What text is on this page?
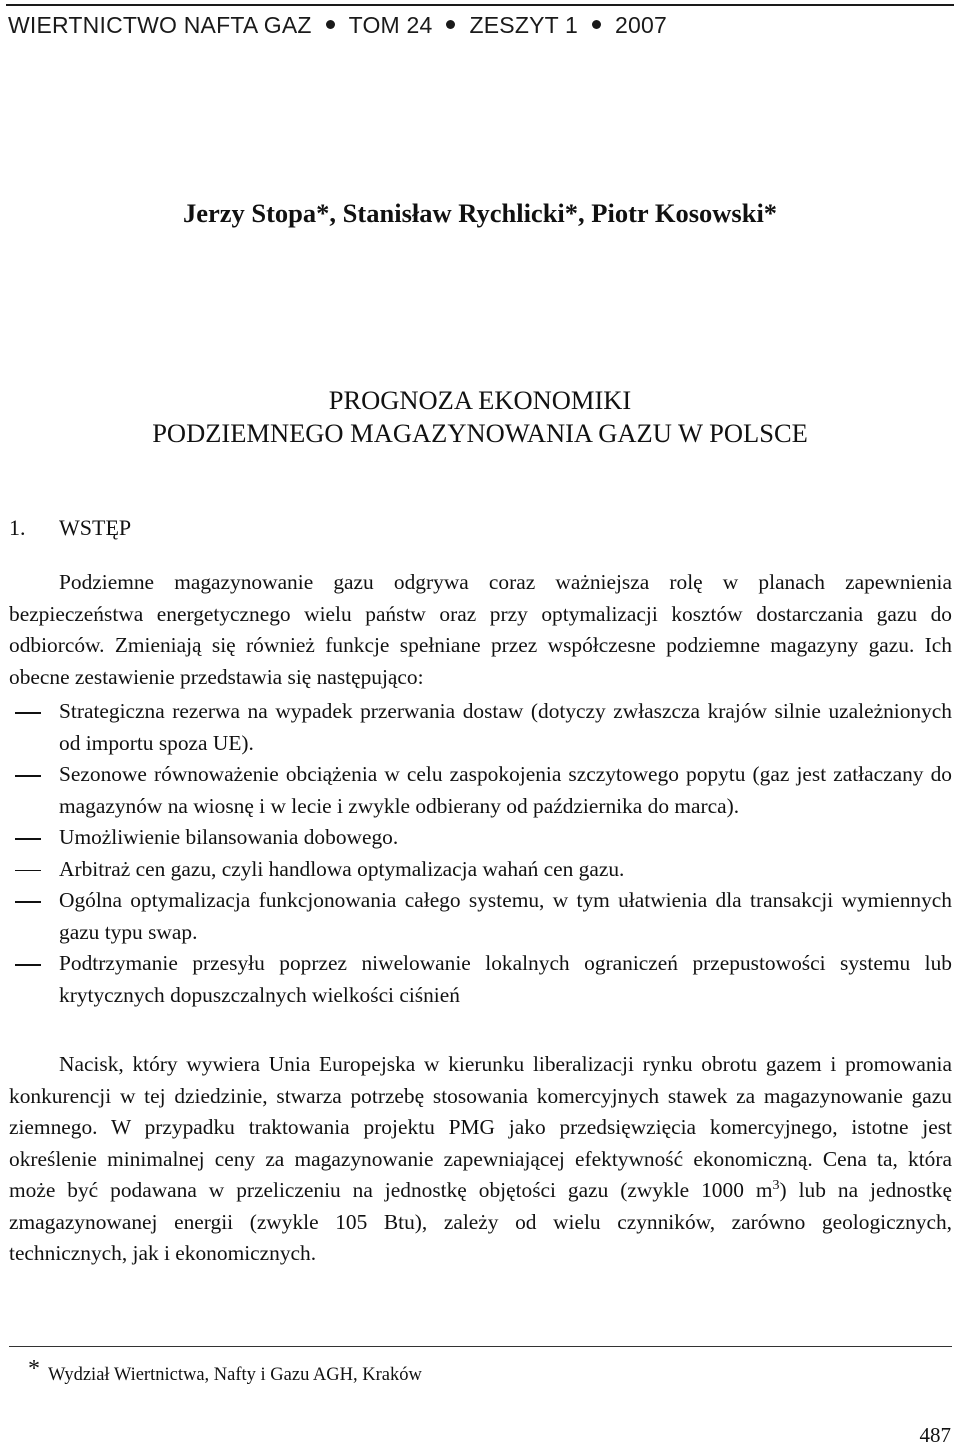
WIERTNICTWO NAFTA GAZ TOM 24 ZESZYT 1 2007
Jerzy Stopa*, Stanisław Rychlicki*, Piotr Kosowski*
PROGNOZA EKONOMIKI
PODZIEMNEGO MAGAZYNOWANIA GAZU W POLSCE
1. WSTĘP

Podziemne magazynowanie gazu odgrywa coraz ważniejsza rolę w planach zapewnienia bezpieczeństwa energetycznego wielu państw oraz przy optymalizacji kosztów dostarczania gazu do odbiorców. Zmieniają się również funkcje spełniane przez współczesne podziemne magazyny gazu. Ich obecne zestawienie przedstawia się następująco:

Strategiczna rezerwa na wypadek przerwania dostaw (dotyczy zwłaszcza krajów silnie uzależnionych od importu spoza UE).
Sezonowe równoważenie obciążenia w celu zaspokojenia szczytowego popytu (gaz jest zatłaczany do magazynów na wiosnę i w lecie i zwykle odbierany od października do marca).
Umożliwienie bilansowania dobowego.
Arbitraż cen gazu, czyli handlowa optymalizacja wahań cen gazu.
Ogólna optymalizacja funkcjonowania całego systemu, w tym ułatwienia dla transakcji wymiennych gazu typu swap.
Podtrzymanie przesyłu poprzez niwelowanie lokalnych ograniczeń przepustowości systemu lub krytycznych dopuszczalnych wielkości ciśnień

Nacisk, który wywiera Unia Europejska w kierunku liberalizacji rynku obrotu gazem i promowania konkurencji w tej dziedzinie, stwarza potrzebę stosowania komercyjnych stawek za magazynowanie gazu ziemnego. W przypadku traktowania projektu PMG jako przedsięwzięcia komercyjnego, istotne jest określenie minimalnej ceny za magazynowanie zapewniającej efektywność ekonomiczną. Cena ta, która może być podawana w przeliczeniu na jednostkę objętości gazu (zwykle 1000 $m^3$) lub na jednostkę zmagazynowanej energii (zwykle 105 Btu), zależy od wielu czynników, zarówno geologicznych, technicznych, jak i ekonomicznych.

* Wydział Wiertnictwa, Nafty i Gazu AGH, Kraków
487
